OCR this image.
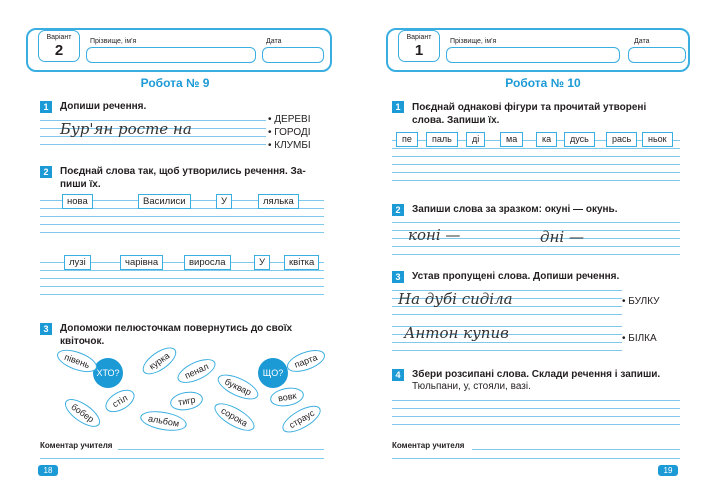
Варіант
2
Прізвище, ім'я	Дата
Робота № 9
1	Допиши речення.
Бур'ян росте на
• ДЕРЕВІ
• ГОРОДІ
• КЛУМБІ
2	Поєднай слова так, щоб утворились речення. За-
пиши їх.
нова	Василиси	У	лялька
лузі	чарівна	виросла	У	квітка
3	Допоможи пелюсточкам повернутись до своїх
квіточок.
ХТО?	ЩО?
півень	курка	пенал
парта
стіл
буквар	вовк
бобер	альбом
тигр
сорока	страус
Коментар учителя
18
Варіант
1
Прізвище, ім'я	Дата
Робота № 10
1	Поєднай однакові фігури та прочитай утворені
слова. Запиши їх.
пе	паль	ді	ма	ка	дусь	рась	ньок
2	Запиши слова за зразком: окуні — окунь.
коні —	дні —
3	Устав пропущені слова. Допиши речення.
На дубі сиділа
Антон купив
• БУЛКУ
• БІЛКА
4	Збери розсипані слова. Склади речення і запиши.
Тюльпани, у, стояли, вазі.
Коментар учителя
19
